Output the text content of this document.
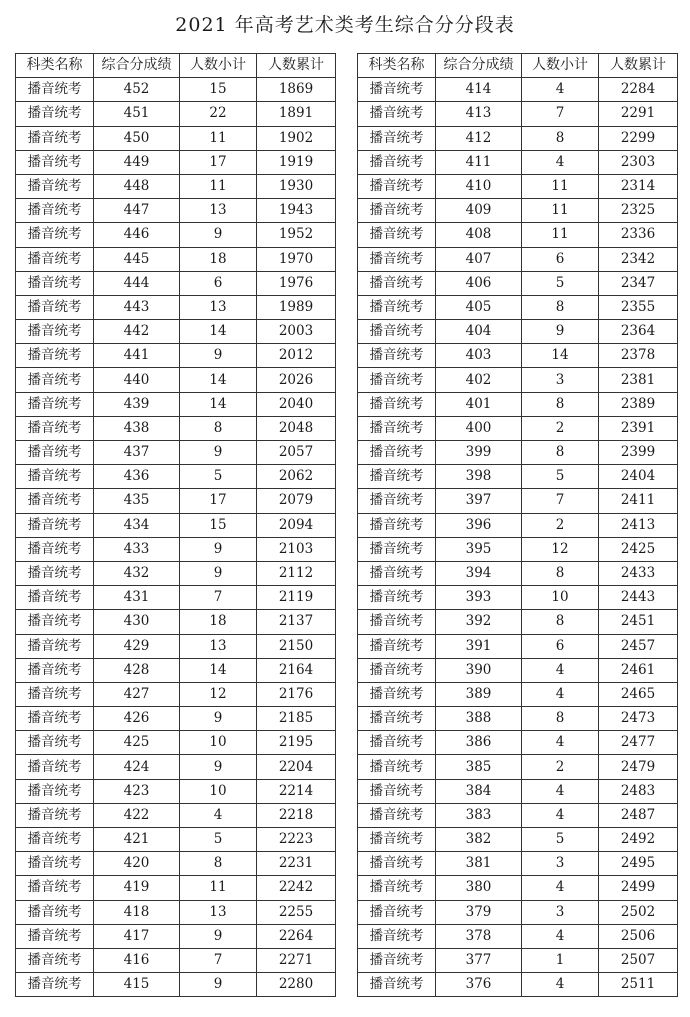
2021 年高考艺术类考生综合分分段表
科类名称	综合分成绩	人数小计	人数累计
播音统考	452	15	1869
播音统考	451	22	1891
播音统考	450	11	1902
播音统考	449	17	1919
播音统考	448	11	1930
播音统考	447	13	1943
播音统考	446	9	1952
播音统考	445	18	1970
播音统考	444	6	1976
播音统考	443	13	1989
播音统考	442	14	2003
播音统考	441	9	2012
播音统考	440	14	2026
播音统考	439	14	2040
播音统考	438	8	2048
播音统考	437	9	2057
播音统考	436	5	2062
播音统考	435	17	2079
播音统考	434	15	2094
播音统考	433	9	2103
播音统考	432	9	2112
播音统考	431	7	2119
播音统考	430	18	2137
播音统考	429	13	2150
播音统考	428	14	2164
播音统考	427	12	2176
播音统考	426	9	2185
播音统考	425	10	2195
播音统考	424	9	2204
播音统考	423	10	2214
播音统考	422	4	2218
播音统考	421	5	2223
播音统考	420	8	2231
播音统考	419	11	2242
播音统考	418	13	2255
播音统考	417	9	2264
播音统考	416	7	2271
播音统考	415	9	2280
科类名称	综合分成绩	人数小计	人数累计
播音统考	414	4	2284
播音统考	413	7	2291
播音统考	412	8	2299
播音统考	411	4	2303
播音统考	410	11	2314
播音统考	409	11	2325
播音统考	408	11	2336
播音统考	407	6	2342
播音统考	406	5	2347
播音统考	405	8	2355
播音统考	404	9	2364
播音统考	403	14	2378
播音统考	402	3	2381
播音统考	401	8	2389
播音统考	400	2	2391
播音统考	399	8	2399
播音统考	398	5	2404
播音统考	397	7	2411
播音统考	396	2	2413
播音统考	395	12	2425
播音统考	394	8	2433
播音统考	393	10	2443
播音统考	392	8	2451
播音统考	391	6	2457
播音统考	390	4	2461
播音统考	389	4	2465
播音统考	388	8	2473
播音统考	386	4	2477
播音统考	385	2	2479
播音统考	384	4	2483
播音统考	383	4	2487
播音统考	382	5	2492
播音统考	381	3	2495
播音统考	380	4	2499
播音统考	379	3	2502
播音统考	378	4	2506
播音统考	377	1	2507
播音统考	376	4	2511
